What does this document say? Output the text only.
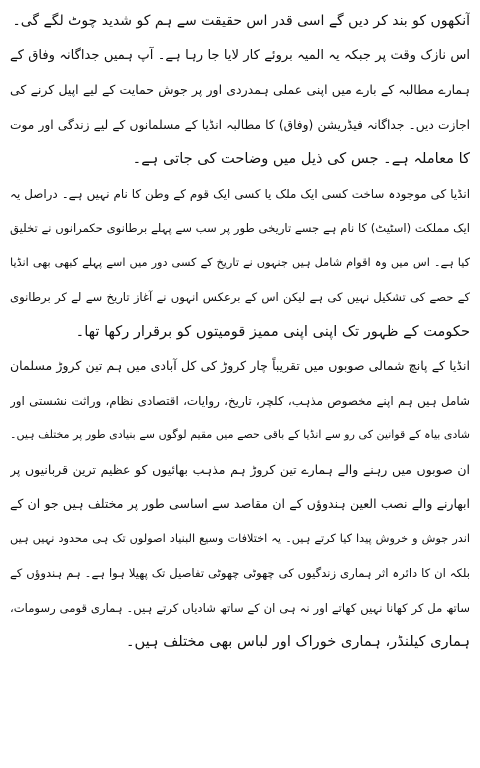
آنکھوں کو بند کر دیں گے اسی قدر اس حقیقت سے ہم کو شدید چوٹ لگے گی۔
اس نازک وقت پر جبکہ یہ المیہ بروئے کار لایا جا رہا ہے۔ آپ ہمیں جداگانہ وفاق کے
ہمارے مطالبہ کے بارے میں اپنی عملی ہمدردی اور پر جوش حمایت کے لیے اپیل کرنے کی
اجازت دیں۔ جداگانہ فیڈریشن (وفاق) کا مطالبہ انڈیا کے مسلمانوں کے لیے زندگی اور موت
کا معاملہ ہے۔ جس کی ذیل میں وضاحت کی جاتی ہے۔
انڈیا کی موجودہ ساخت کسی ایک ملک یا کسی ایک قوم کے وطن کا نام نہیں ہے۔ دراصل یہ
ایک مملکت (اسٹیٹ) کا نام ہے جسے تاریخی طور پر سب سے پہلے برطانوی حکمرانوں نے تخلیق
کیا ہے۔ اس میں وہ اقوام شامل ہیں جنہوں نے تاریخ کے کسی دور میں اسے پہلے کبھی بھی انڈیا
کے حصے کی تشکیل نہیں کی ہے لیکن اس کے برعکس انہوں نے آغاز تاریخ سے لے کر برطانوی
حکومت کے ظہور تک اپنی اپنی ممیز قومیتوں کو برقرار رکھا تھا۔
انڈیا کے پانچ شمالی صوبوں میں تقریباً چار کروڑ کی کل آبادی میں ہم تین کروڑ مسلمان
شامل ہیں ہم اپنے مخصوص مذہب، کلچر، تاریخ، روایات، اقتصادی نظام، وراثت نشستی اور
شادی بیاہ کے قوانین کی رو سے انڈیا کے باقی حصے میں مقیم لوگوں سے بنیادی طور پر مختلف ہیں۔
ان صوبوں میں رہنے والے ہمارے تین کروڑ ہم مذہب بھائیوں کو عظیم ترین قربانیوں پر
ابھارنے والے نصب العین ہندوؤں کے ان مقاصد سے اساسی طور پر مختلف ہیں جو ان کے
اندر جوش و خروش پیدا کیا کرتے ہیں۔ یہ اختلافات وسیع البنیاد اصولوں تک ہی محدود نہیں ہیں
بلکہ ان کا دائرہ اثر ہماری زندگیوں کی چھوٹی چھوٹی تفاصیل تک پھیلا ہوا ہے۔ ہم ہندوؤں کے
ساتھ مل کر کھانا نہیں کھاتے اور نہ ہی ان کے ساتھ شادیاں کرتے ہیں۔ ہماری قومی رسومات،
ہماری کیلنڈر، ہماری خوراک اور لباس بھی مختلف ہیں۔
